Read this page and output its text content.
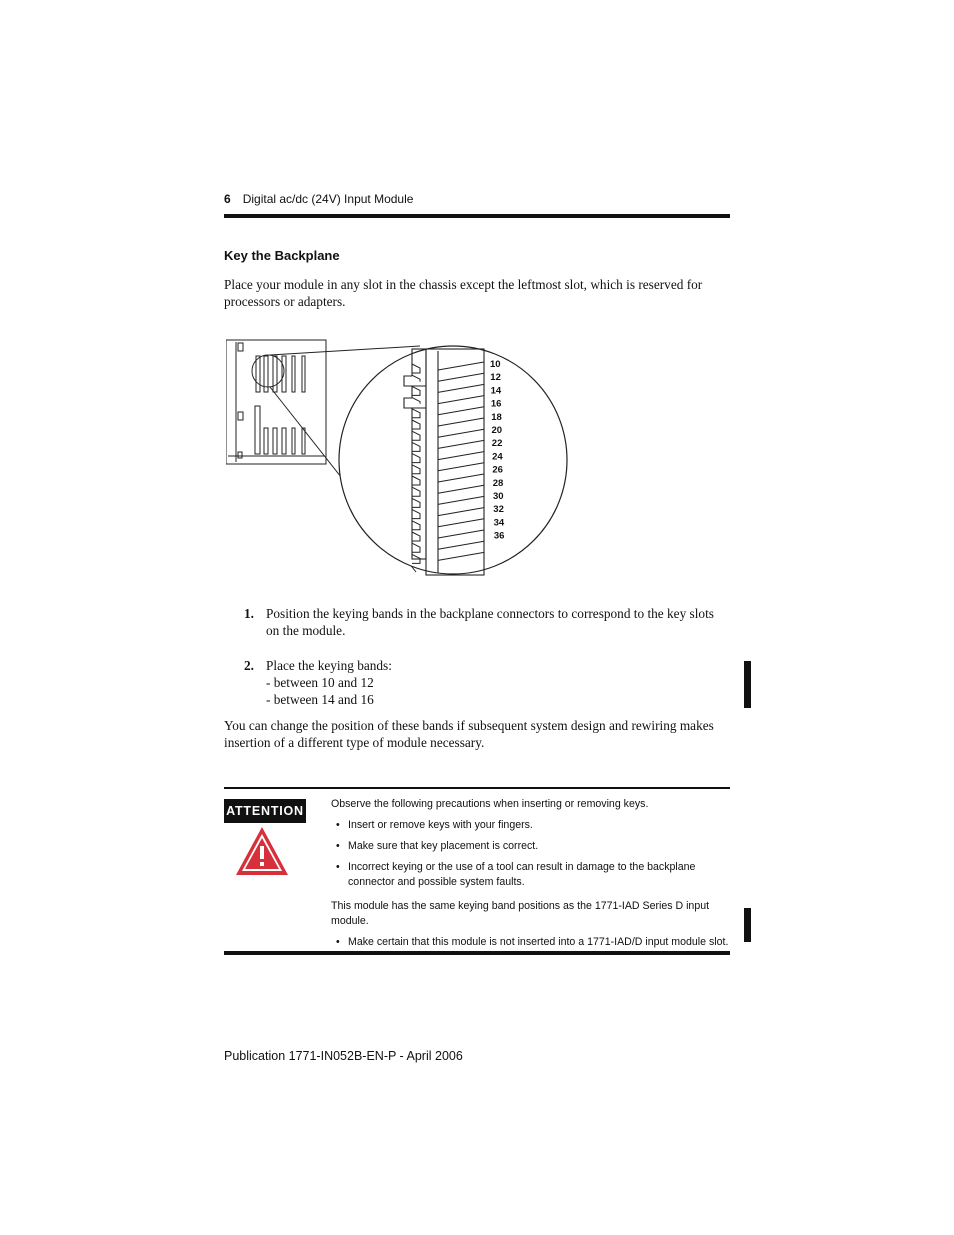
6 Digital ac/dc (24V) Input Module
Key the Backplane
Place your module in any slot in the chassis except the leftmost slot, which is reserved for processors or adapters.
10
12
14
16
18
20
22
24
26
28
30
32
34
36
1. Position the keying bands in the backplane connectors to correspond to the key slots on the module.
2. Place the keying bands:
- between 10 and 12
- between 14 and 16
You can change the position of these bands if subsequent system design and rewiring makes insertion of a different type of module necessary.
ATTENTION	Observe the following precautions when inserting or removing keys.

• Insert or remove keys with your fingers.
• Make sure that key placement is correct.
• Incorrect keying or the use of a tool can result in damage to the backplane connector and possible system faults.

This module has the same keying band positions as the 1771-IAD Series D input module.

• Make certain that this module is not inserted into a 1771-IAD/D input module slot.
Publication 1771-IN052B-EN-P - April 2006
